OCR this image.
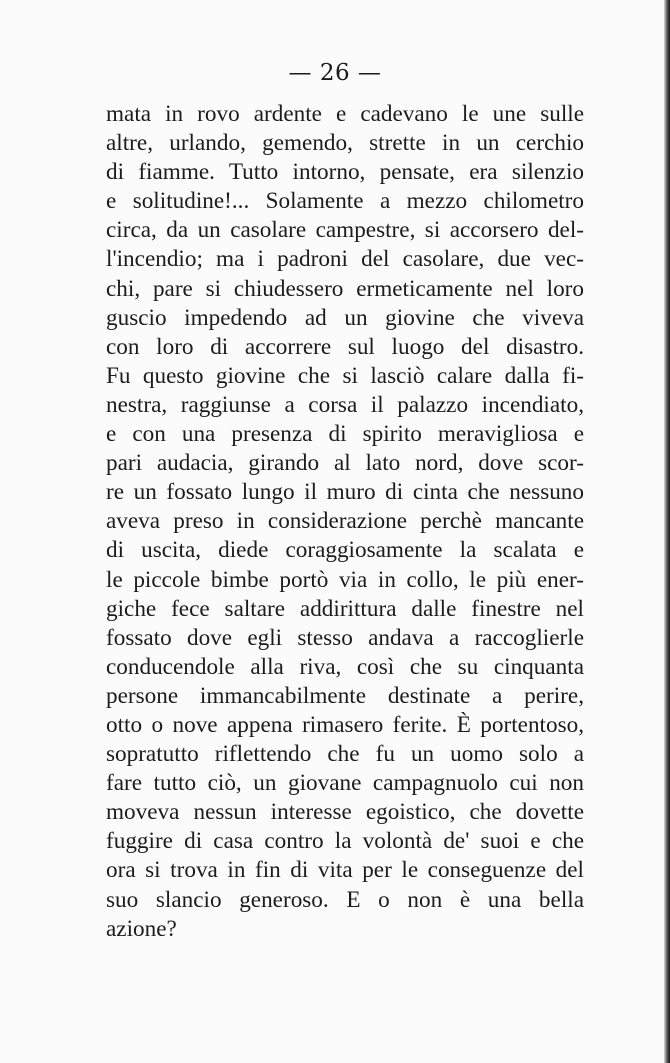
— 26 —
mata in rovo ardente e cadevano le une sulle
altre, urlando, gemendo, strette in un cerchio
di fiamme. Tutto intorno, pensate, era silenzio
e solitudine!... Solamente a mezzo chilometro
circa, da un casolare campestre, si accorsero del-
l'incendio; ma i padroni del casolare, due vec-
chi, pare si chiudessero ermeticamente nel loro
guscio impedendo ad un giovine che viveva
con loro di accorrere sul luogo del disastro.
Fu questo giovine che si lasciò calare dalla fi-
nestra, raggiunse a corsa il palazzo incendiato,
e con una presenza di spirito meravigliosa e
pari audacia, girando al lato nord, dove scor-
re un fossato lungo il muro di cinta che nessuno
aveva preso in considerazione perchè mancante
di uscita, diede coraggiosamente la scalata e
le piccole bimbe portò via in collo, le più ener-
giche fece saltare addirittura dalle finestre nel
fossato dove egli stesso andava a raccoglierle
conducendole alla riva, così che su cinquanta
persone immancabilmente destinate a perire,
otto o nove appena rimasero ferite. È portentoso,
sopratutto riflettendo che fu un uomo solo a
fare tutto ciò, un giovane campagnuolo cui non
moveva nessun interesse egoistico, che dovette
fuggire di casa contro la volontà de' suoi e che
ora si trova in fin di vita per le conseguenze del
suo slancio generoso. E o non è una bella
azione?
